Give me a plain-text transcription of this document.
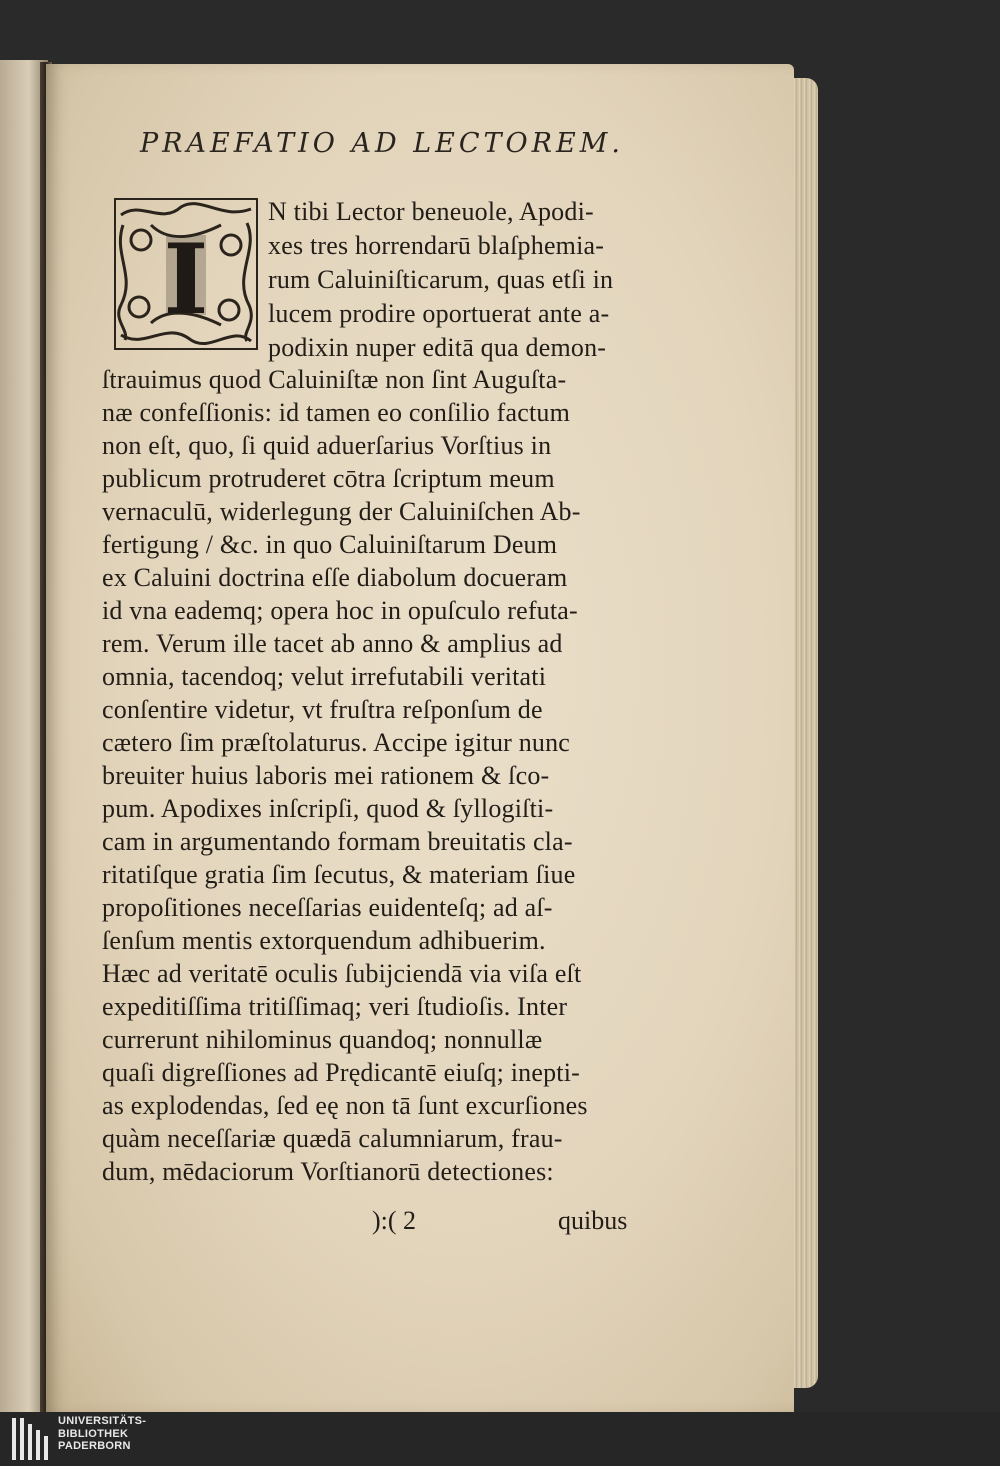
PRAEFATIO AD LECTOREM.
I
N tibi Lector beneuole, Apodi-
xes tres horrendarū blaſphemia-
rum Caluiniſticarum, quas etſi in
lucem prodire oportuerat ante a-
podixin nuper editā qua demon-
ſtrauimus quod Caluiniſtæ non ſint Auguſta-
næ confeſſionis: id tamen eo conſilio factum
non eſt, quo, ſi quid aduerſarius Vorſtius in
publicum protruderet cōtra ſcriptum meum
vernaculū, widerlegung der Caluiniſchen Ab-
fertigung / &c. in quo Caluiniſtarum Deum
ex Caluini doctrina eſſe diabolum docueram
id vna eademq; opera hoc in opuſculo refuta-
rem. Verum ille tacet ab anno & amplius ad
omnia, tacendoq; velut irrefutabili veritati
conſentire videtur, vt fruſtra reſponſum de
cætero ſim præſtolaturus. Accipe igitur nunc
breuiter huius laboris mei rationem & ſco-
pum. Apodixes inſcripſi, quod & ſyllogiſti-
cam in argumentando formam breuitatis cla-
ritatiſque gratia ſim ſecutus, & materiam ſiue
propoſitiones neceſſarias euidenteſq; ad aſ-
ſenſum mentis extorquendum adhibuerim.
Hæc ad veritatē oculis ſubijciendā via viſa eſt
expeditiſſima tritiſſimaq; veri ſtudioſis. Inter
currerunt nihilominus quandoq; nonnullæ
quaſi digreſſiones ad Prędicantē eiuſq; inepti-
as explodendas, ſed eę non tā ſunt excurſiones
quàm neceſſariæ quædā calumniarum, frau-
dum, mēdaciorum Vorſtianorū detectiones:
):( 2	quibus
UNIVERSITÄTS-
BIBLIOTHEK
PADERBORN
